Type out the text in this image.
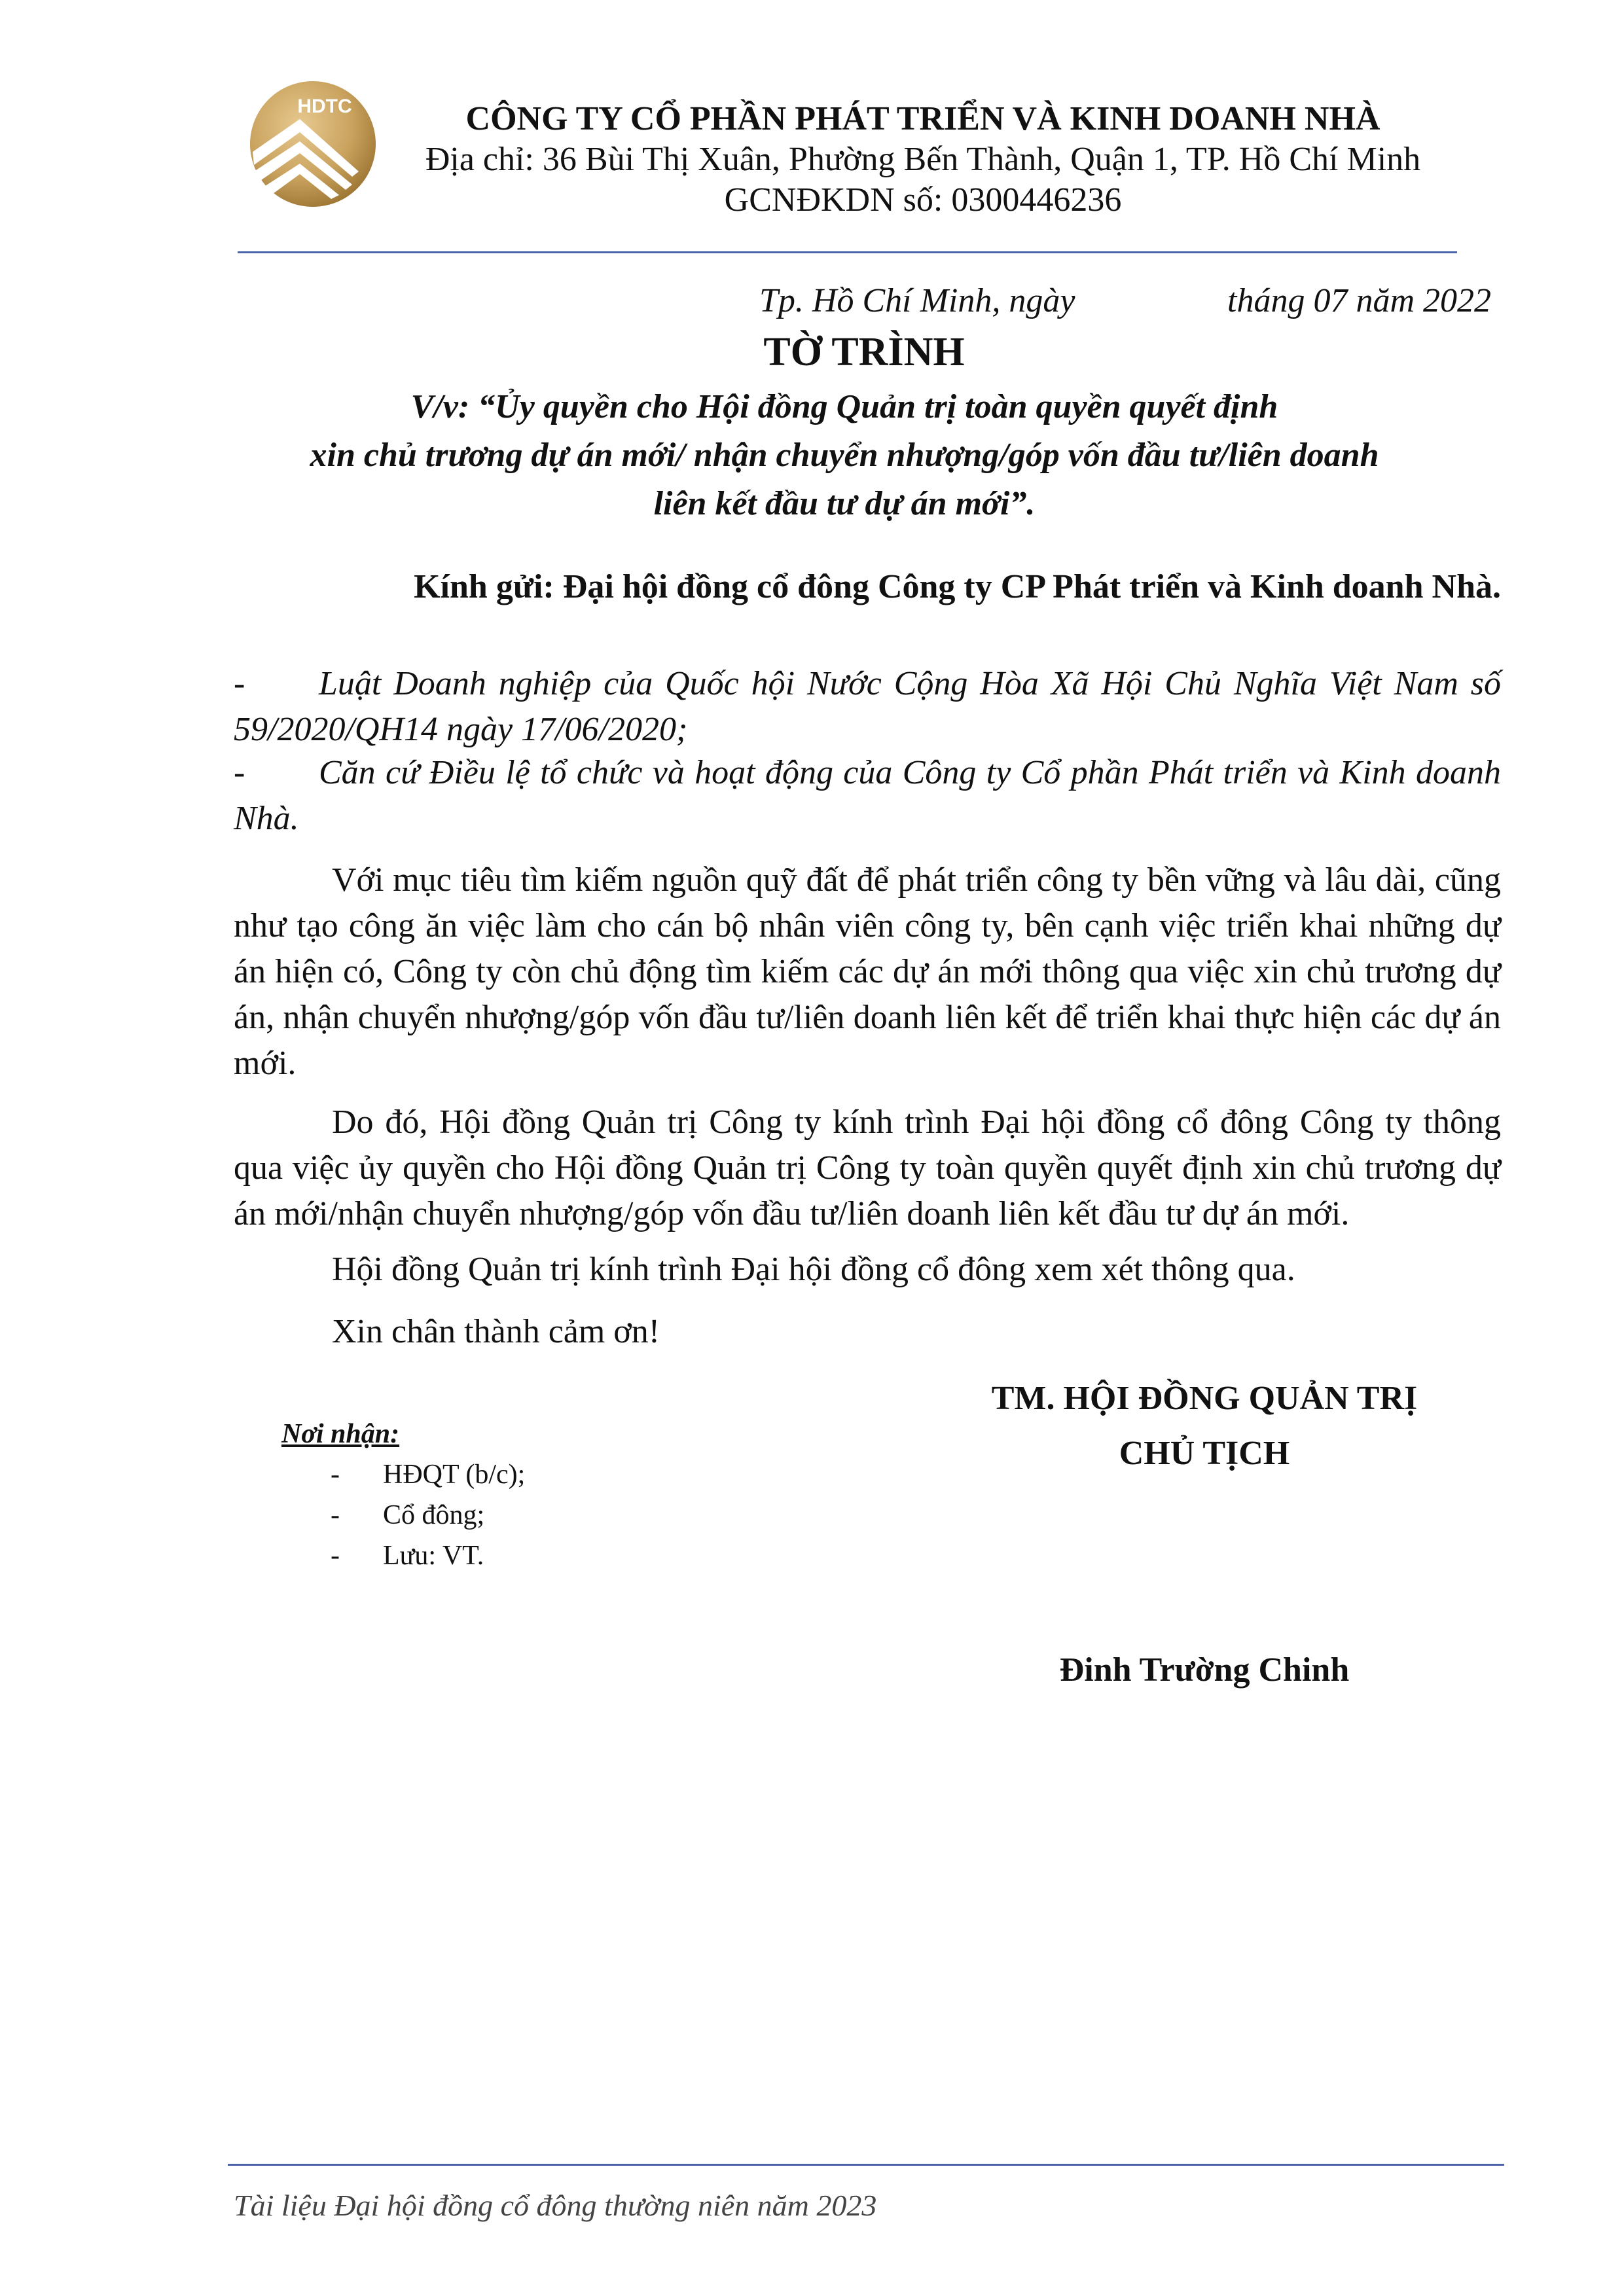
HDTC	CÔNG TY CỔ PHẦN PHÁT TRIỂN VÀ KINH DOANH NHÀ
Địa chỉ: 36 Bùi Thị Xuân, Phường Bến Thành, Quận 1, TP. Hồ Chí Minh
GCNĐKDN số: 0300446236
Tp. Hồ Chí Minh, ngày	tháng 07 năm 2022
TỜ TRÌNH
V/v: “Ủy quyền cho Hội đồng Quản trị toàn quyền quyết định
xin chủ trương dự án mới/ nhận chuyển nhượng/góp vốn đầu tư/liên doanh
liên kết đầu tư dự án mới”.
Kính gửi: Đại hội đồng cổ đông Công ty CP Phát triển và Kinh doanh Nhà.
- Luật Doanh nghiệp của Quốc hội Nước Cộng Hòa Xã Hội Chủ Nghĩa Việt Nam số 59/2020/QH14 ngày 17/06/2020;
- Căn cứ Điều lệ tổ chức và hoạt động của Công ty Cổ phần Phát triển và Kinh doanh Nhà.
Với mục tiêu tìm kiếm nguồn quỹ đất để phát triển công ty bền vững và lâu dài, cũng như tạo công ăn việc làm cho cán bộ nhân viên công ty, bên cạnh việc triển khai những dự án hiện có, Công ty còn chủ động tìm kiếm các dự án mới thông qua việc xin chủ trương dự án, nhận chuyển nhượng/góp vốn đầu tư/liên doanh liên kết để triển khai thực hiện các dự án mới.
Do đó, Hội đồng Quản trị Công ty kính trình Đại hội đồng cổ đông Công ty thông qua việc ủy quyền cho Hội đồng Quản trị Công ty toàn quyền quyết định xin chủ trương dự án mới/nhận chuyển nhượng/góp vốn đầu tư/liên doanh liên kết đầu tư dự án mới.
Hội đồng Quản trị kính trình Đại hội đồng cổ đông xem xét thông qua.
Xin chân thành cảm ơn!
TM. HỘI ĐỒNG QUẢN TRỊ
CHỦ TỊCH
Đinh Trường Chinh
Nơi nhận:
- HĐQT (b/c);
- Cổ đông;
- Lưu: VT.
Tài liệu Đại hội đồng cổ đông thường niên năm 2023
